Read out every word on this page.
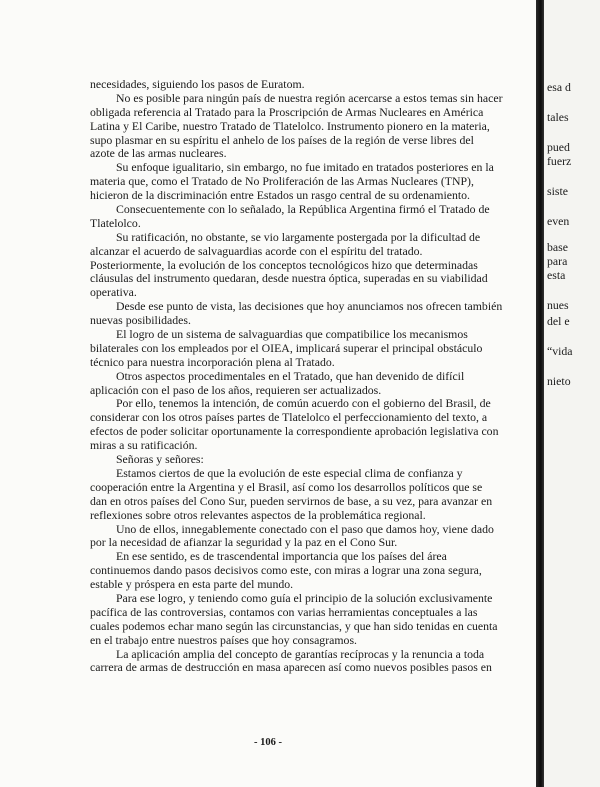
necesidades, siguiendo los pasos de Euratom.
No es posible para ningún país de nuestra región acercarse a estos temas sin hacer
obligada referencia al Tratado para la Proscripción de Armas Nucleares en América
Latina y El Caribe, nuestro Tratado de Tlatelolco. Instrumento pionero en la materia,
supo plasmar en su espíritu el anhelo de los países de la región de verse libres del
azote de las armas nucleares.
Su enfoque igualitario, sin embargo, no fue imitado en tratados posteriores en la
materia que, como el Tratado de No Proliferación de las Armas Nucleares (TNP),
hicieron de la discriminación entre Estados un rasgo central de su ordenamiento.
Consecuentemente con lo señalado, la República Argentina firmó el Tratado de
Tlatelolco.
Su ratificación, no obstante, se vio largamente postergada por la dificultad de
alcanzar el acuerdo de salvaguardias acorde con el espíritu del tratado.
Posteriormente, la evolución de los conceptos tecnológicos hizo que determinadas
cláusulas del instrumento quedaran, desde nuestra óptica, superadas en su viabilidad
operativa.
Desde ese punto de vista, las decisiones que hoy anunciamos nos ofrecen también
nuevas posibilidades.
El logro de un sistema de salvaguardias que compatibilice los mecanismos
bilaterales con los empleados por el OIEA, implicará superar el principal obstáculo
técnico para nuestra incorporación plena al Tratado.
Otros aspectos procedimentales en el Tratado, que han devenido de difícil
aplicación con el paso de los años, requieren ser actualizados.
Por ello, tenemos la intención, de común acuerdo con el gobierno del Brasil, de
considerar con los otros países partes de Tlatelolco el perfeccionamiento del texto, a
efectos de poder solicitar oportunamente la correspondiente aprobación legislativa con
miras a su ratificación.
Señoras y señores:
Estamos ciertos de que la evolución de este especial clima de confianza y
cooperación entre la Argentina y el Brasil, así como los desarrollos políticos que se
dan en otros países del Cono Sur, pueden servirnos de base, a su vez, para avanzar en
reflexiones sobre otros relevantes aspectos de la problemática regional.
Uno de ellos, innegablemente conectado con el paso que damos hoy, viene dado
por la necesidad de afianzar la seguridad y la paz en el Cono Sur.
En ese sentido, es de trascendental importancia que los países del área
continuemos dando pasos decisivos como este, con miras a lograr una zona segura,
estable y próspera en esta parte del mundo.
Para ese logro, y teniendo como guía el principio de la solución exclusivamente
pacífica de las controversias, contamos con varias herramientas conceptuales a las
cuales podemos echar mano según las circunstancias, y que han sido tenidas en cuenta
en el trabajo entre nuestros países que hoy consagramos.
La aplicación amplia del concepto de garantías recíprocas y la renuncia a toda
carrera de armas de destrucción en masa aparecen así como nuevos posibles pasos en
- 106 -
esa d
tales
pued
fuerz
siste
even
base
para
esta
nues
del e
“vida
nieto
